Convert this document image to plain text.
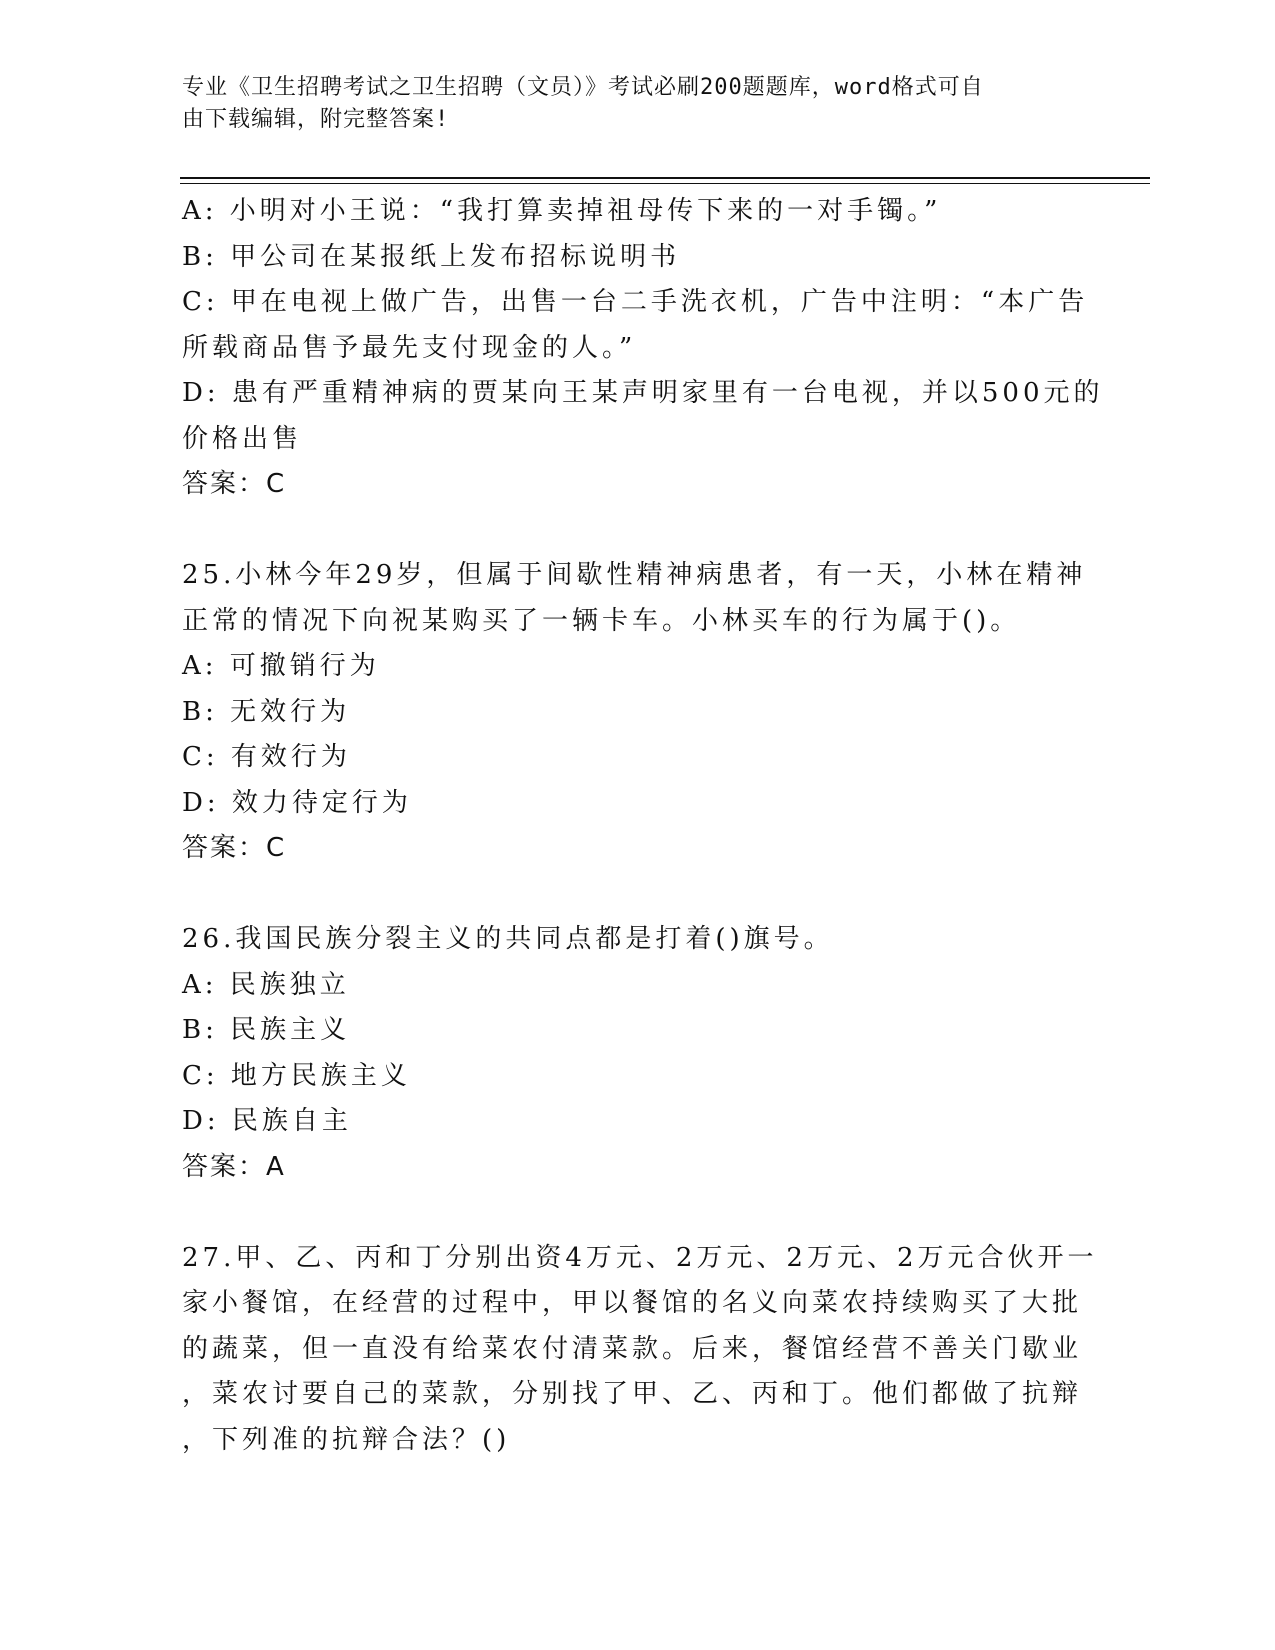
专业《卫生招聘考试之卫生招聘（文员）》考试必刷200题题库，word格式可自
由下载编辑，附完整答案!
A: 小明对小王说：“我打算卖掉祖母传下来的一对手镯。”
B: 甲公司在某报纸上发布招标说明书
C: 甲在电视上做广告，出售一台二手洗衣机，广告中注明：“本广告
所载商品售予最先支付现金的人。”
D: 患有严重精神病的贾某向王某声明家里有一台电视，并以500元的
价格出售
答案：C
25.小林今年29岁，但属于间歇性精神病患者，有一天，小林在精神
正常的情况下向祝某购买了一辆卡车。小林买车的行为属于()。
A: 可撤销行为
B: 无效行为
C: 有效行为
D: 效力待定行为
答案：C
26.我国民族分裂主义的共同点都是打着()旗号。
A: 民族独立
B: 民族主义
C: 地方民族主义
D: 民族自主
答案：A
27.甲、乙、丙和丁分别出资4万元、2万元、2万元、2万元合伙开一
家小餐馆，在经营的过程中，甲以餐馆的名义向菜农持续购买了大批
的蔬菜，但一直没有给菜农付清菜款。后来，餐馆经营不善关门歇业
，菜农讨要自己的菜款，分别找了甲、乙、丙和丁。他们都做了抗辩
，下列准的抗辩合法？()
